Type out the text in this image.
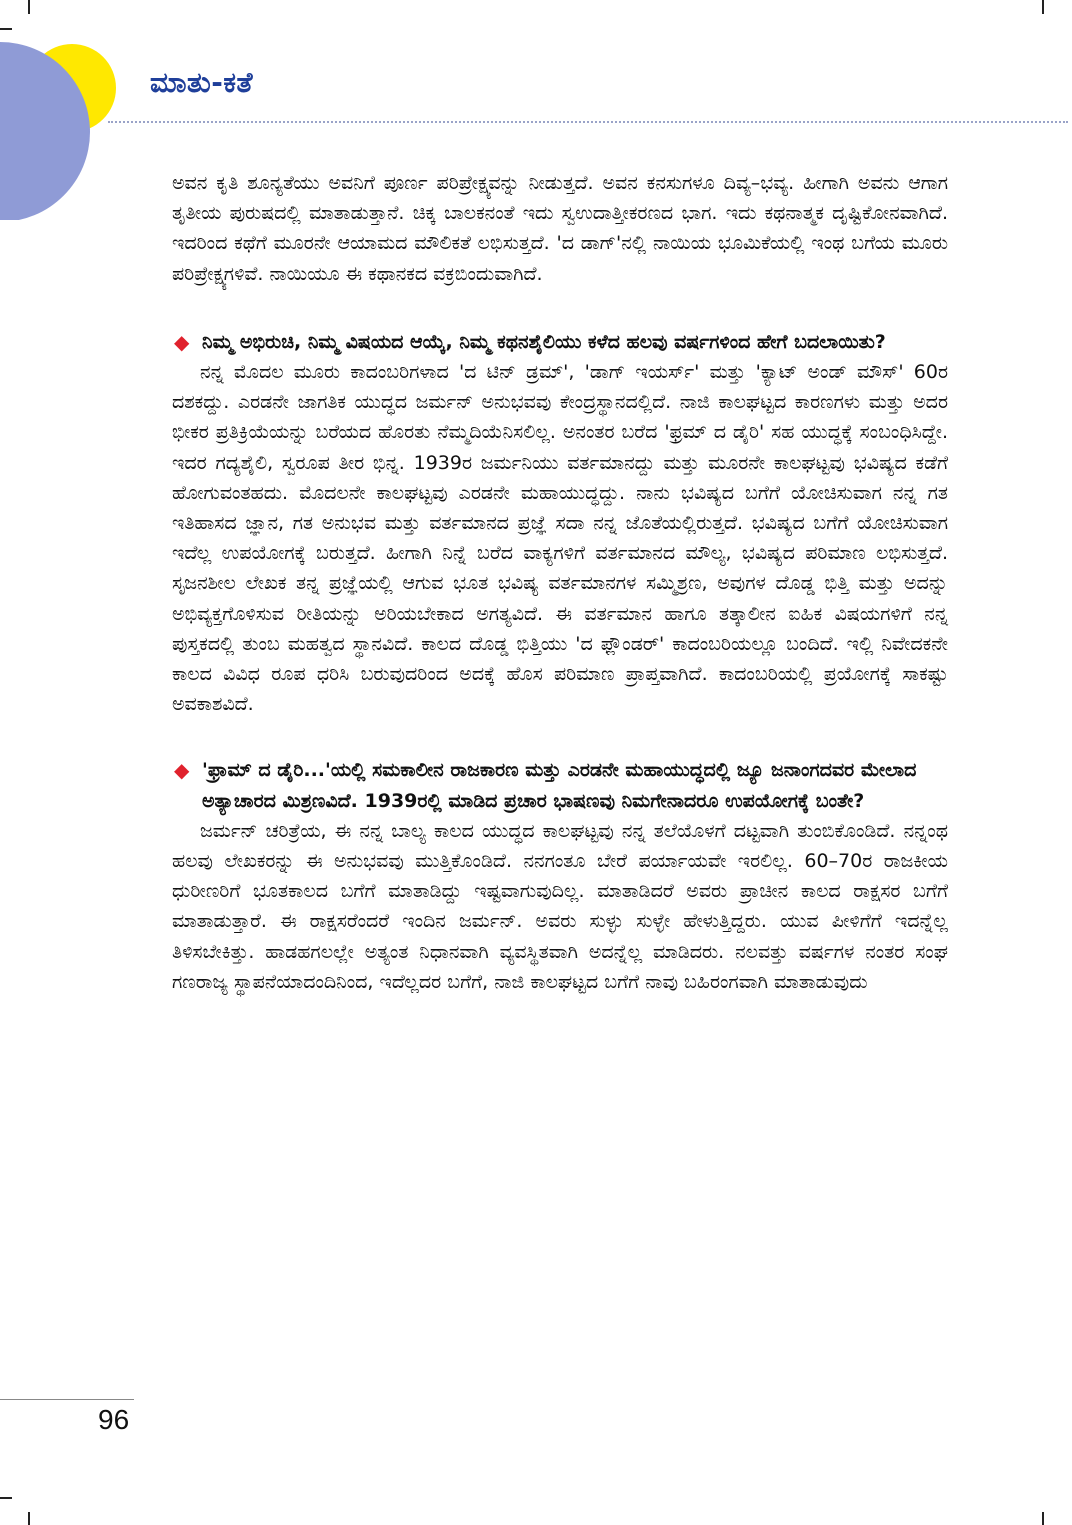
ಮಾತು-ಕತೆ

ಅವನ ಕೃತಿ ಶೂನ್ಯತೆಯು ಅವನಿಗೆ ಪೂರ್ಣ ಪರಿಪ್ರೇಕ್ಷ್ಯವನ್ನು ನೀಡುತ್ತದೆ. ಅವನ ಕನಸುಗಳೂ ದಿವ್ಯ–ಭವ್ಯ. ಹೀಗಾಗಿ ಅವನು ಆಗಾಗ ತೃತೀಯ ಪುರುಷದಲ್ಲಿ ಮಾತಾಡುತ್ತಾನೆ. ಚಿಕ್ಕ ಬಾಲಕನಂತೆ ಇದು ಸ್ವಉದಾತ್ತೀಕರಣದ ಭಾಗ. ಇದು ಕಥನಾತ್ಮಕ ದೃಷ್ಟಿಕೋನವಾಗಿದೆ. ಇದರಿಂದ ಕಥೆಗೆ ಮೂರನೇ ಆಯಾಮದ ಮೌಲಿಕತೆ ಲಭಿಸುತ್ತದೆ. 'ದ ಡಾಗ್'ನಲ್ಲಿ ನಾಯಿಯ ಭೂಮಿಕೆಯಲ್ಲಿ ಇಂಥ ಬಗೆಯ ಮೂರು ಪರಿಪ್ರೇಕ್ಷ್ಯಗಳಿವೆ. ನಾಯಿಯೂ ಈ ಕಥಾನಕದ ವಕ್ರಬಿಂದುವಾಗಿದೆ.

◆ ನಿಮ್ಮ ಅಭಿರುಚಿ, ನಿಮ್ಮ ವಿಷಯದ ಆಯ್ಕೆ, ನಿಮ್ಮ ಕಥನಶೈಲಿಯು ಕಳೆದ ಹಲವು ವರ್ಷಗಳಿಂದ ಹೇಗೆ ಬದಲಾಯಿತು?

ನನ್ನ ಮೊದಲ ಮೂರು ಕಾದಂಬರಿಗಳಾದ 'ದ ಟಿನ್ ಡ್ರಮ್', 'ಡಾಗ್ ಇಯರ್ಸ್' ಮತ್ತು 'ಕ್ಯಾಟ್ ಅಂಡ್ ಮೌಸ್' 60ರ ದಶಕದ್ದು. ಎರಡನೇ ಜಾಗತಿಕ ಯುದ್ಧದ ಜರ್ಮನ್ ಅನುಭವವು ಕೇಂದ್ರಸ್ಥಾನದಲ್ಲಿದೆ. ನಾಜಿ ಕಾಲಘಟ್ಟದ ಕಾರಣಗಳು ಮತ್ತು ಅದರ ಭೀಕರ ಪ್ರತಿಕ್ರಿಯೆಯನ್ನು ಬರೆಯದ ಹೊರತು ನೆಮ್ಮದಿಯೆನಿಸಲಿಲ್ಲ. ಅನಂತರ ಬರೆದ 'ಫ್ರಮ್ ದ ಡೈರಿ' ಸಹ ಯುದ್ಧಕ್ಕೆ ಸಂಬಂಧಿಸಿದ್ದೇ. ಇದರ ಗದ್ಯಶೈಲಿ, ಸ್ವರೂಪ ತೀರ ಭಿನ್ನ. 1939ರ ಜರ್ಮನಿಯು ವರ್ತಮಾನದ್ದು ಮತ್ತು ಮೂರನೇ ಕಾಲಘಟ್ಟವು ಭವಿಷ್ಯದ ಕಡೆಗೆ ಹೋಗುವಂತಹದು. ಮೊದಲನೇ ಕಾಲಘಟ್ಟವು ಎರಡನೇ ಮಹಾಯುದ್ಧದ್ದು. ನಾನು ಭವಿಷ್ಯದ ಬಗೆಗೆ ಯೋಚಿಸುವಾಗ ನನ್ನ ಗತ ಇತಿಹಾಸದ ಜ್ಞಾನ, ಗತ ಅನುಭವ ಮತ್ತು ವರ್ತಮಾನದ ಪ್ರಜ್ಞೆ ಸದಾ ನನ್ನ ಜೊತೆಯಲ್ಲಿರುತ್ತದೆ. ಭವಿಷ್ಯದ ಬಗೆಗೆ ಯೋಚಿಸುವಾಗ ಇದೆಲ್ಲ ಉಪಯೋಗಕ್ಕೆ ಬರುತ್ತದೆ. ಹೀಗಾಗಿ ನಿನ್ನೆ ಬರೆದ ವಾಕ್ಯಗಳಿಗೆ ವರ್ತಮಾನದ ಮೌಲ್ಯ, ಭವಿಷ್ಯದ ಪರಿಮಾಣ ಲಭಿಸುತ್ತದೆ. ಸೃಜನಶೀಲ ಲೇಖಕ ತನ್ನ ಪ್ರಜ್ಞೆಯಲ್ಲಿ ಆಗುವ ಭೂತ ಭವಿಷ್ಯ ವರ್ತಮಾನಗಳ ಸಮ್ಮಿಶ್ರಣ, ಅವುಗಳ ದೊಡ್ಡ ಭಿತ್ತಿ ಮತ್ತು ಅದನ್ನು ಅಭಿವ್ಯಕ್ತಗೊಳಿಸುವ ರೀತಿಯನ್ನು ಅರಿಯಬೇಕಾದ ಅಗತ್ಯವಿದೆ. ಈ ವರ್ತಮಾನ ಹಾಗೂ ತತ್ಕಾಲೀನ ಐಹಿಕ ವಿಷಯಗಳಿಗೆ ನನ್ನ ಪುಸ್ತಕದಲ್ಲಿ ತುಂಬ ಮಹತ್ವದ ಸ್ಥಾನವಿದೆ. ಕಾಲದ ದೊಡ್ಡ ಭಿತ್ತಿಯು 'ದ ಫ್ಲೌಂಡರ್' ಕಾದಂಬರಿಯಲ್ಲೂ ಬಂದಿದೆ. ಇಲ್ಲಿ ನಿವೇದಕನೇ ಕಾಲದ ವಿವಿಧ ರೂಪ ಧರಿಸಿ ಬರುವುದರಿಂದ ಅದಕ್ಕೆ ಹೊಸ ಪರಿಮಾಣ ಪ್ರಾಪ್ತವಾಗಿದೆ. ಕಾದಂಬರಿಯಲ್ಲಿ ಪ್ರಯೋಗಕ್ಕೆ ಸಾಕಷ್ಟು ಅವಕಾಶವಿದೆ.

◆ 'ಫ್ರಾಮ್ ದ ಡೈರಿ...'ಯಲ್ಲಿ ಸಮಕಾಲೀನ ರಾಜಕಾರಣ ಮತ್ತು ಎರಡನೇ ಮಹಾಯುದ್ಧದಲ್ಲಿ ಜ್ಯೂ ಜನಾಂಗದವರ ಮೇಲಾದ ಅತ್ಯಾಚಾರದ ಮಿಶ್ರಣವಿದೆ. 1939ರಲ್ಲಿ ಮಾಡಿದ ಪ್ರಚಾರ ಭಾಷಣವು ನಿಮಗೇನಾದರೂ ಉಪಯೋಗಕ್ಕೆ ಬಂತೇ?

ಜರ್ಮನ್ ಚರಿತ್ರೆಯ, ಈ ನನ್ನ ಬಾಲ್ಯ ಕಾಲದ ಯುದ್ಧದ ಕಾಲಘಟ್ಟವು ನನ್ನ ತಲೆಯೊಳಗೆ ದಟ್ಟವಾಗಿ ತುಂಬಿಕೊಂಡಿದೆ. ನನ್ನಂಥ ಹಲವು ಲೇಖಕರನ್ನು ಈ ಅನುಭವವು ಮುತ್ತಿಕೊಂಡಿದೆ. ನನಗಂತೂ ಬೇರೆ ಪರ್ಯಾಯವೇ ಇರಲಿಲ್ಲ. 60–70ರ ರಾಜಕೀಯ ಧುರೀಣರಿಗೆ ಭೂತಕಾಲದ ಬಗೆಗೆ ಮಾತಾಡಿದ್ದು ಇಷ್ಟವಾಗುವುದಿಲ್ಲ. ಮಾತಾಡಿದರೆ ಅವರು ಪ್ರಾಚೀನ ಕಾಲದ ರಾಕ್ಷಸರ ಬಗೆಗೆ ಮಾತಾಡುತ್ತಾರೆ. ಈ ರಾಕ್ಷಸರೆಂದರೆ ಇಂದಿನ ಜರ್ಮನ್. ಅವರು ಸುಳ್ಳು ಸುಳ್ಳೇ ಹೇಳುತ್ತಿದ್ದರು. ಯುವ ಪೀಳಿಗೆಗೆ ಇದನ್ನೆಲ್ಲ ತಿಳಿಸಬೇಕಿತ್ತು. ಹಾಡಹಗಲಲ್ಲೇ ಅತ್ಯಂತ ನಿಧಾನವಾಗಿ ವ್ಯವಸ್ಥಿತವಾಗಿ ಅದನ್ನೆಲ್ಲ ಮಾಡಿದರು. ನಲವತ್ತು ವರ್ಷಗಳ ನಂತರ ಸಂಘ ಗಣರಾಜ್ಯ ಸ್ಥಾಪನೆಯಾದಂದಿನಿಂದ, ಇದೆಲ್ಲದರ ಬಗೆಗೆ, ನಾಜಿ ಕಾಲಘಟ್ಟದ ಬಗೆಗೆ ನಾವು ಬಹಿರಂಗವಾಗಿ ಮಾತಾಡುವುದು

96
